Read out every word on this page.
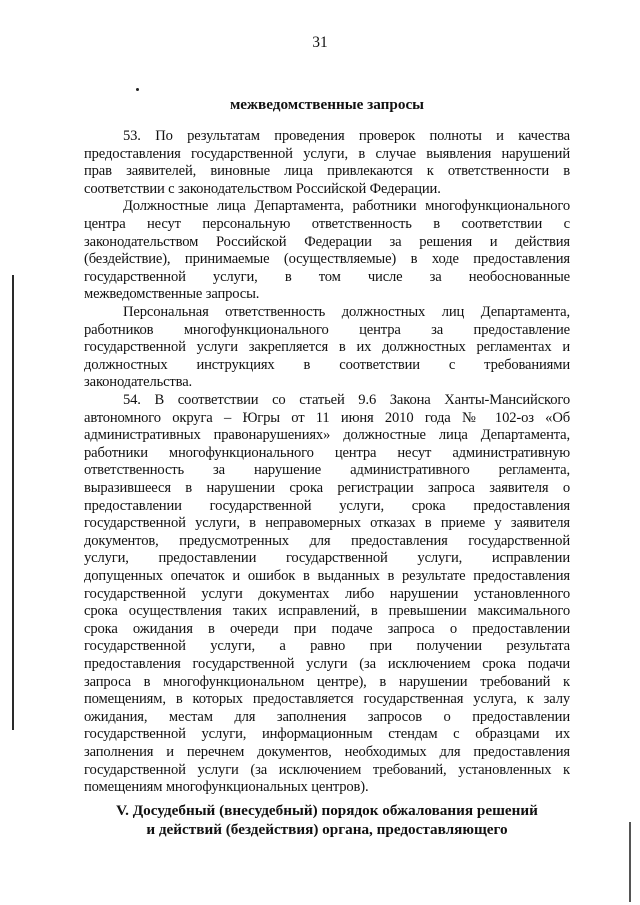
31
межведомственные запросы
53. По результатам проведения проверок полноты и качества
предоставления государственной услуги, в случае выявления нарушений
прав заявителей, виновные лица привлекаются к ответственности в
соответствии с законодательством Российской Федерации.
Должностные лица Департамента, работники многофункционального
центра несут персональную ответственность в соответствии с
законодательством Российской Федерации за решения и действия
(бездействие), принимаемые (осуществляемые) в ходе предоставления
государственной услуги, в том числе за необоснованные
межведомственные запросы.
Персональная ответственность должностных лиц Департамента,
работников многофункционального центра за предоставление
государственной услуги закрепляется в их должностных регламентах и
должностных инструкциях в соответствии с требованиями
законодательства.
54. В соответствии со статьей 9.6 Закона Ханты-Мансийского
автономного округа – Югры от 11 июня 2010 года № 102-оз «Об
административных правонарушениях» должностные лица Департамента,
работники многофункционального центра несут административную
ответственность за нарушение административного регламента,
выразившееся в нарушении срока регистрации запроса заявителя о
предоставлении государственной услуги, срока предоставления
государственной услуги, в неправомерных отказах в приеме у заявителя
документов, предусмотренных для предоставления государственной
услуги, предоставлении государственной услуги, исправлении
допущенных опечаток и ошибок в выданных в результате предоставления
государственной услуги документах либо нарушении установленного
срока осуществления таких исправлений, в превышении максимального
срока ожидания в очереди при подаче запроса о предоставлении
государственной услуги, а равно при получении результата
предоставления государственной услуги (за исключением срока подачи
запроса в многофункциональном центре), в нарушении требований к
помещениям, в которых предоставляется государственная услуга, к залу
ожидания, местам для заполнения запросов о предоставлении
государственной услуги, информационным стендам с образцами их
заполнения и перечнем документов, необходимых для предоставления
государственной услуги (за исключением требований, установленных к
помещениям многофункциональных центров).
V. Досудебный (внесудебный) порядок обжалования решений
и действий (бездействия) органа, предоставляющего
